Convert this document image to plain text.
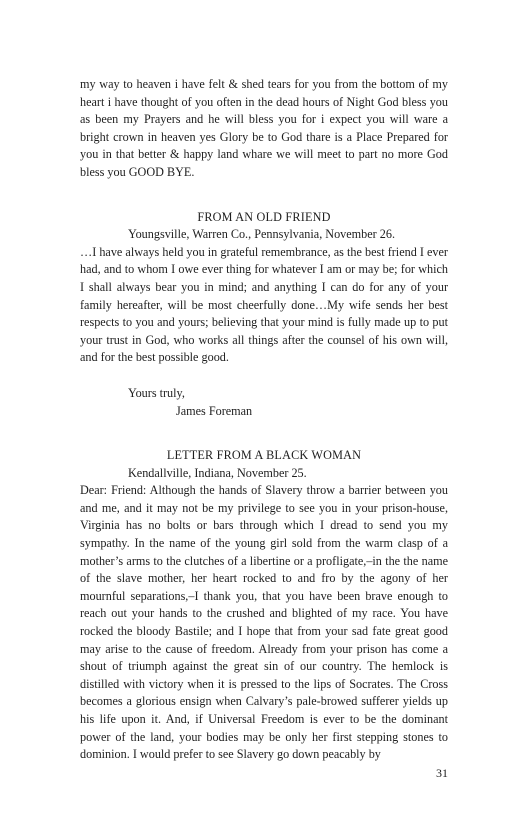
my way to heaven i have felt & shed tears for you from the bottom of my heart i have thought of you often in the dead hours of Night God bless you as been my Prayers and he will bless you for i expect you will ware a bright crown in heaven yes Glory be to God thare is a Place Prepared for you in that better & happy land whare we will meet to part no more God bless you GOOD BYE.

FROM AN OLD FRIEND

Youngsville, Warren Co., Pennsylvania, November 26.

…I have always held you in grateful remembrance, as the best friend I ever had, and to whom I owe ever thing for whatever I am or may be; for which I shall always bear you in mind; and anything I can do for any of your family hereafter, will be most cheerfully done…My wife sends her best respects to you and yours; believing that your mind is fully made up to put your trust in God, who works all things after the counsel of his own will, and for the best possible good.

Yours truly,

James Foreman

LETTER FROM A BLACK WOMAN

Kendallville, Indiana, November 25.

Dear: Friend: Although the hands of Slavery throw a barrier between you and me, and it may not be my privilege to see you in your prison-house, Virginia has no bolts or bars through which I dread to send you my sympathy. In the name of the young girl sold from the warm clasp of a mother’s arms to the clutches of a libertine or a profligate,–in the the name of the slave mother, her heart rocked to and fro by the agony of her mournful separations,–I thank you, that you have been brave enough to reach out your hands to the crushed and blighted of my race. You have rocked the bloody Bastile; and I hope that from your sad fate great good may arise to the cause of freedom. Already from your prison has come a shout of triumph against the great sin of our country. The hemlock is distilled with victory when it is pressed to the lips of Socrates. The Cross becomes a glorious ensign when Calvary’s pale-browed sufferer yields up his life upon it. And, if Universal Freedom is ever to be the dominant power of the land, your bodies may be only her first stepping stones to dominion. I would prefer to see Slavery go down peacably by

31
